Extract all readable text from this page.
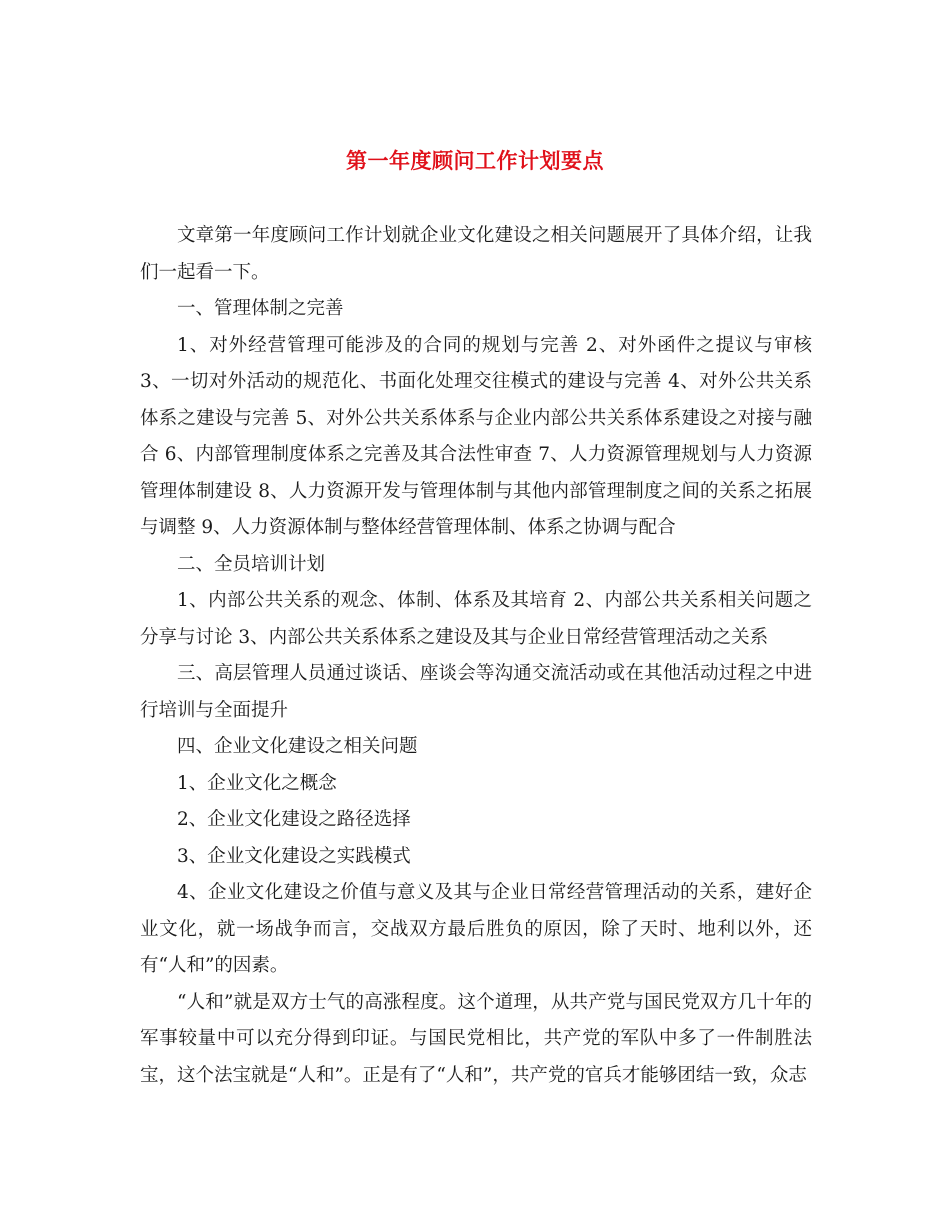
第一年度顾问工作计划要点

文章第一年度顾问工作计划就企业文化建设之相关问题展开了具体介绍，让我们一起看一下。

一、管理体制之完善

1、对外经营管理可能涉及的合同的规划与完善 2、对外函件之提议与审核 3、一切对外活动的规范化、书面化处理交往模式的建设与完善 4、对外公共关系体系之建设与完善 5、对外公共关系体系与企业内部公共关系体系建设之对接与融合 6、内部管理制度体系之完善及其合法性审查 7、人力资源管理规划与人力资源管理体制建设 8、人力资源开发与管理体制与其他内部管理制度之间的关系之拓展与调整 9、人力资源体制与整体经营管理体制、体系之协调与配合

二、全员培训计划

1、内部公共关系的观念、体制、体系及其培育 2、内部公共关系相关问题之分享与讨论 3、内部公共关系体系之建设及其与企业日常经营管理活动之关系

三、高层管理人员通过谈话、座谈会等沟通交流活动或在其他活动过程之中进行培训与全面提升

四、企业文化建设之相关问题

1、企业文化之概念

2、企业文化建设之路径选择

3、企业文化建设之实践模式

4、企业文化建设之价值与意义及其与企业日常经营管理活动的关系，建好企业文化，就一场战争而言，交战双方最后胜负的原因，除了天时、地利以外，还有“人和”的因素。

“人和”就是双方士气的高涨程度。这个道理，从共产党与国民党双方几十年的军事较量中可以充分得到印证。与国民党相比，共产党的军队中多了一件制胜法宝，这个法宝就是“人和”。正是有了“人和”，共产党的官兵才能够团结一致，众志
